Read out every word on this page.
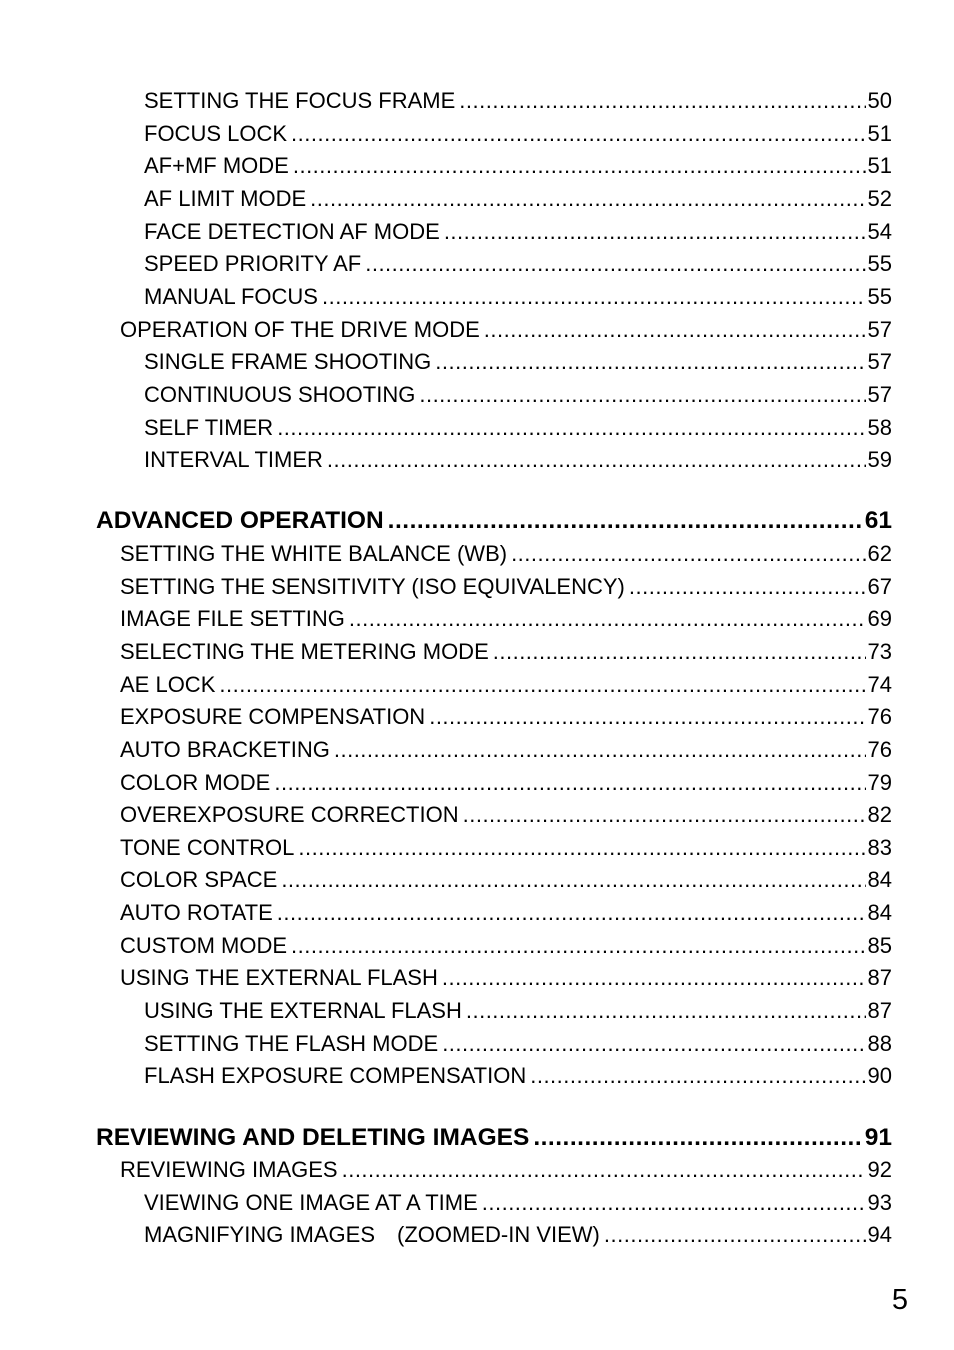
SETTING THE FOCUS FRAME .....	50
FOCUS LOCK .....	51
AF+MF MODE .....	51
AF LIMIT MODE .....	52
FACE DETECTION AF MODE .....	54
SPEED PRIORITY AF .....	55
MANUAL FOCUS .....	55
OPERATION OF THE DRIVE MODE .....	57
SINGLE FRAME SHOOTING .....	57
CONTINUOUS SHOOTING .....	57
SELF TIMER .....	58
INTERVAL TIMER .....	59
ADVANCED OPERATION .....	61
SETTING THE WHITE BALANCE (WB) .....	62
SETTING THE SENSITIVITY (ISO EQUIVALENCY) .....	67
IMAGE FILE SETTING .....	69
SELECTING THE METERING MODE .....	73
AE LOCK .....	74
EXPOSURE COMPENSATION .....	76
AUTO BRACKETING .....	76
COLOR MODE .....	79
OVEREXPOSURE CORRECTION .....	82
TONE CONTROL .....	83
COLOR SPACE .....	84
AUTO ROTATE .....	84
CUSTOM MODE .....	85
USING THE EXTERNAL FLASH .....	87
USING THE EXTERNAL FLASH .....	87
SETTING THE FLASH MODE .....	88
FLASH EXPOSURE COMPENSATION .....	90
REVIEWING AND DELETING IMAGES .....	91
REVIEWING IMAGES .....	92
VIEWING ONE IMAGE AT A TIME .....	93
MAGNIFYING IMAGES　(ZOOMED-IN VIEW) .....	94
5
